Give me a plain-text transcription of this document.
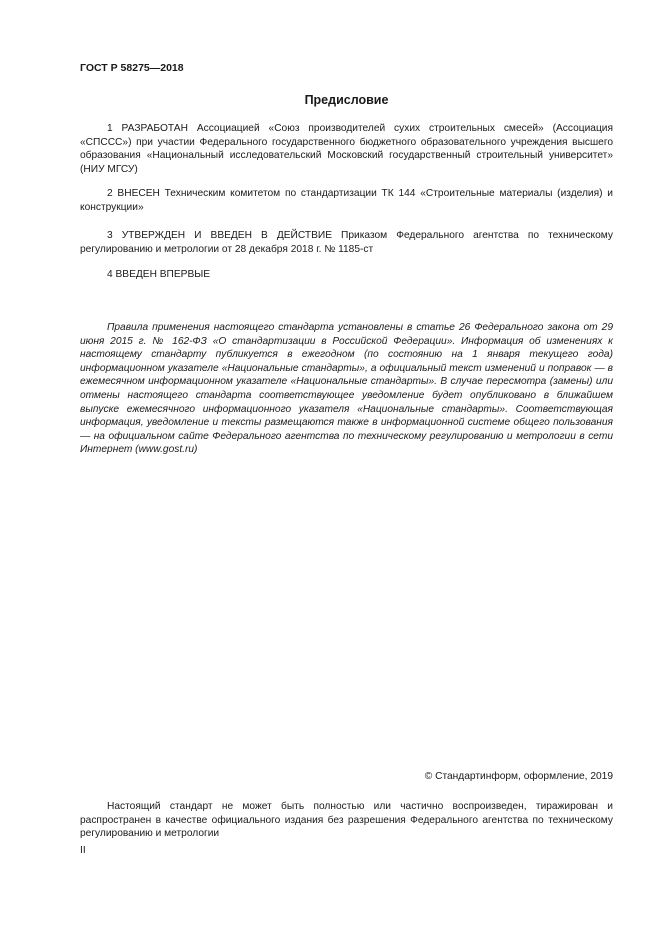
ГОСТ Р 58275—2018
Предисловие

1 РАЗРАБОТАН Ассоциацией «Союз производителей сухих строительных смесей» (Ассоциация «СПССС») при участии Федерального государственного бюджетного образовательного учреждения высшего образования «Национальный исследовательский Московский государственный строительный университет» (НИУ МГСУ)

2 ВНЕСЕН Техническим комитетом по стандартизации ТК 144 «Строительные материалы (изделия) и конструкции»

3 УТВЕРЖДЕН И ВВЕДЕН В ДЕЙСТВИЕ Приказом Федерального агентства по техническому регулированию и метрологии от 28 декабря 2018 г. № 1185-ст

4 ВВЕДЕН ВПЕРВЫЕ

Правила применения настоящего стандарта установлены в статье 26 Федерального закона от 29 июня 2015 г. № 162-ФЗ «О стандартизации в Российской Федерации». Информация об изменениях к настоящему стандарту публикуется в ежегодном (по состоянию на 1 января текущего года) информационном указателе «Национальные стандарты», а официальный текст изменений и поправок — в ежемесячном информационном указателе «Национальные стандарты». В случае пересмотра (замены) или отмены настоящего стандарта соответствующее уведомление будет опубликовано в ближайшем выпуске ежемесячного информационного указателя «Национальные стандарты». Соответствующая информация, уведомление и тексты размещаются также в информационной системе общего пользования — на официальном сайте Федерального агентства по техническому регулированию и метрологии в сети Интернет (www.gost.ru)

© Стандартинформ, оформление, 2019

Настоящий стандарт не может быть полностью или частично воспроизведен, тиражирован и распространен в качестве официального издания без разрешения Федерального агентства по техническому регулированию и метрологии

II
